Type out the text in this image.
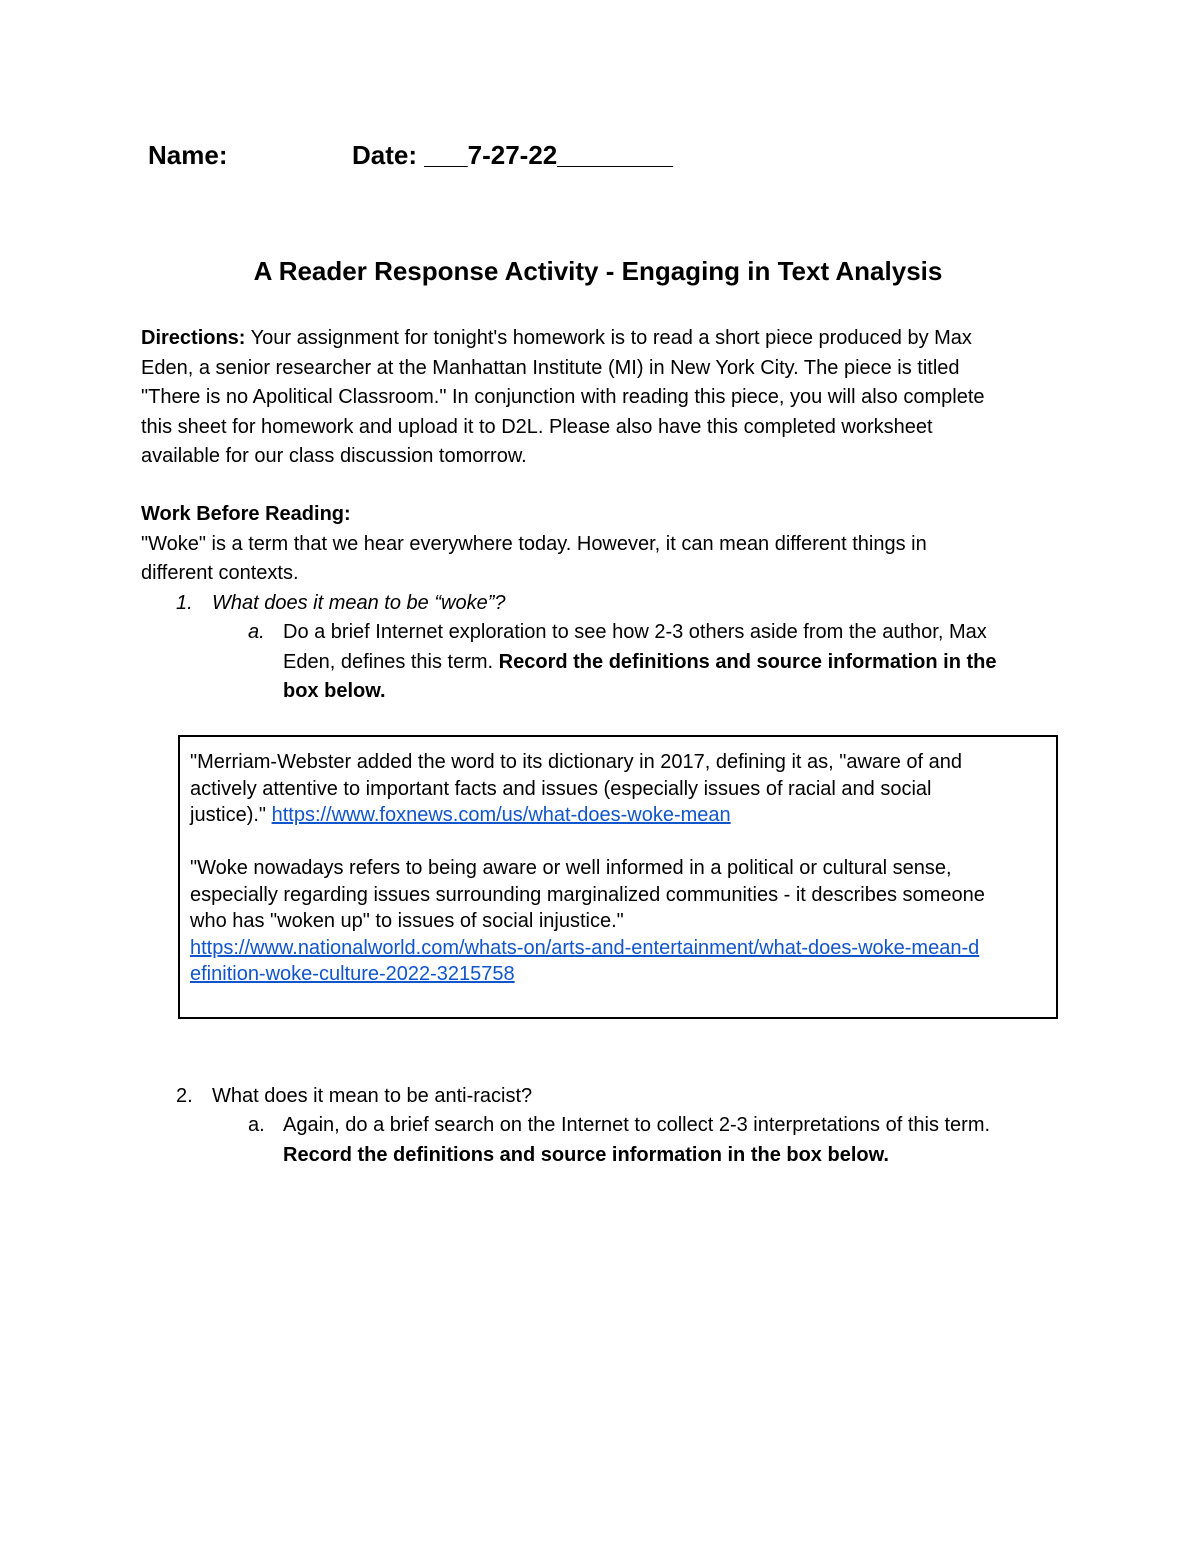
Name:	Date: ___7-27-22________
A Reader Response Activity - Engaging in Text Analysis
Directions: Your assignment for tonight's homework is to read a short piece produced by Max
Eden, a senior researcher at the Manhattan Institute (MI) in New York City. The piece is titled
"There is no Apolitical Classroom." In conjunction with reading this piece, you will also complete
this sheet for homework and upload it to D2L. Please also have this completed worksheet
available for our class discussion tomorrow.
Work Before Reading:
"Woke" is a term that we hear everywhere today. However, it can mean different things in
different contexts.
1. What does it mean to be “woke”?
a. Do a brief Internet exploration to see how 2-3 others aside from the author, Max
Eden, defines this term. Record the definitions and source information in the
box below.
"Merriam-Webster added the word to its dictionary in 2017, defining it as, "aware of and
actively attentive to important facts and issues (especially issues of racial and social
justice)." https://www.foxnews.com/us/what-does-woke-mean
"Woke nowadays refers to being aware or well informed in a political or cultural sense,
especially regarding issues surrounding marginalized communities - it describes someone
who has "woken up" to issues of social injustice."
https://www.nationalworld.com/whats-on/arts-and-entertainment/what-does-woke-mean-d
efinition-woke-culture-2022-3215758
2. What does it mean to be anti-racist?
a. Again, do a brief search on the Internet to collect 2-3 interpretations of this term.
Record the definitions and source information in the box below.
